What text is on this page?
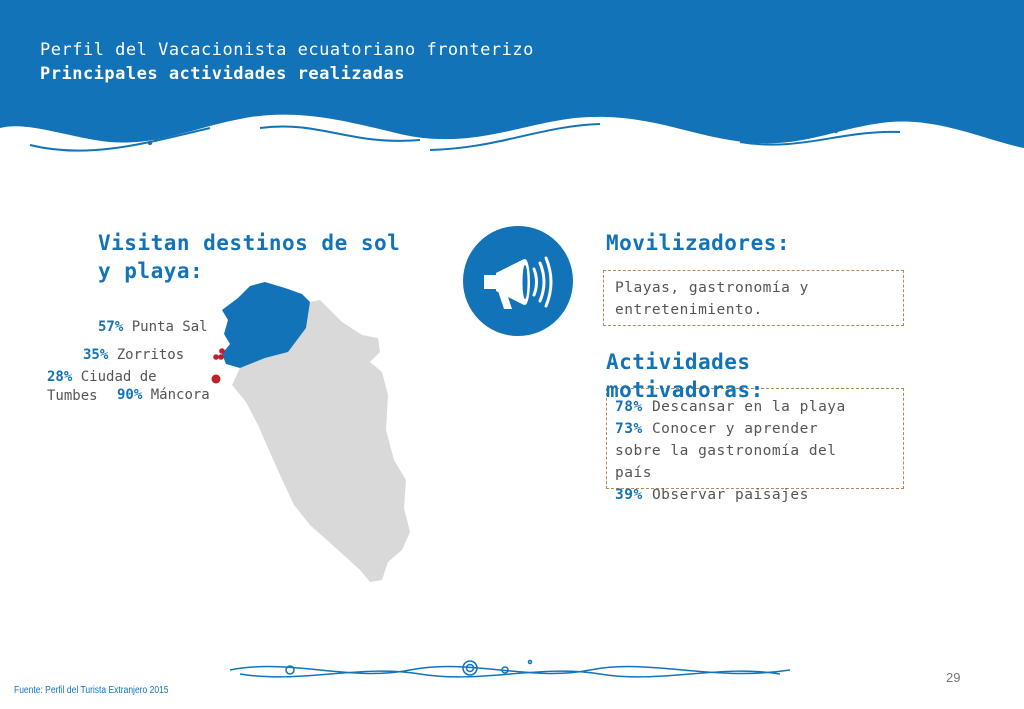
Perfil del Vacacionista ecuatoriano fronterizo
Principales actividades realizadas
Visitan destinos de sol
y playa:
57% Punta Sal
35% Zorritos
28% Ciudad de
Tumbes 90% Máncora
Movilizadores:
Playas, gastronomía y
entretenimiento.
Actividades
motivadoras:
78% Descansar en la playa
73% Conocer y aprender
sobre la gastronomía del
país
39% Observar paisajes
29
Fuente: Perfil del Turista Extranjero 2015
